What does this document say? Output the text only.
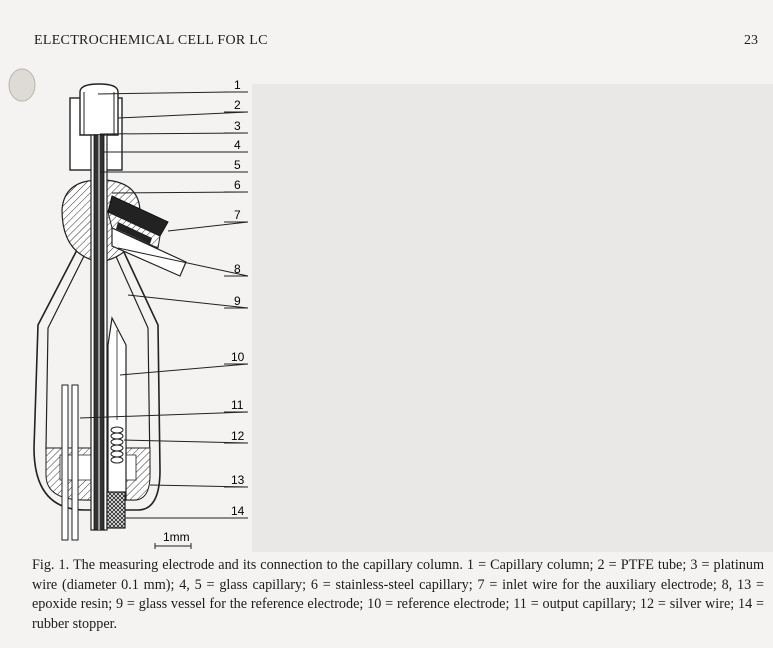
ELECTROCHEMICAL CELL FOR LC	23
1
2
3
4
5
6
7
8
9
10
11
12
13
14
1mm
Fig. 1. The measuring electrode and its connection to the capillary column. 1 = Capillary column; 2 = PTFE tube; 3 = platinum wire (diameter 0.1 mm); 4, 5 = glass capillary; 6 = stainless-steel capillary; 7 = inlet wire for the auxiliary electrode; 8, 13 = epoxide resin; 9 = glass vessel for the reference electrode; 10 = reference electrode; 11 = output capillary; 12 = silver wire; 14 = rubber stopper.
